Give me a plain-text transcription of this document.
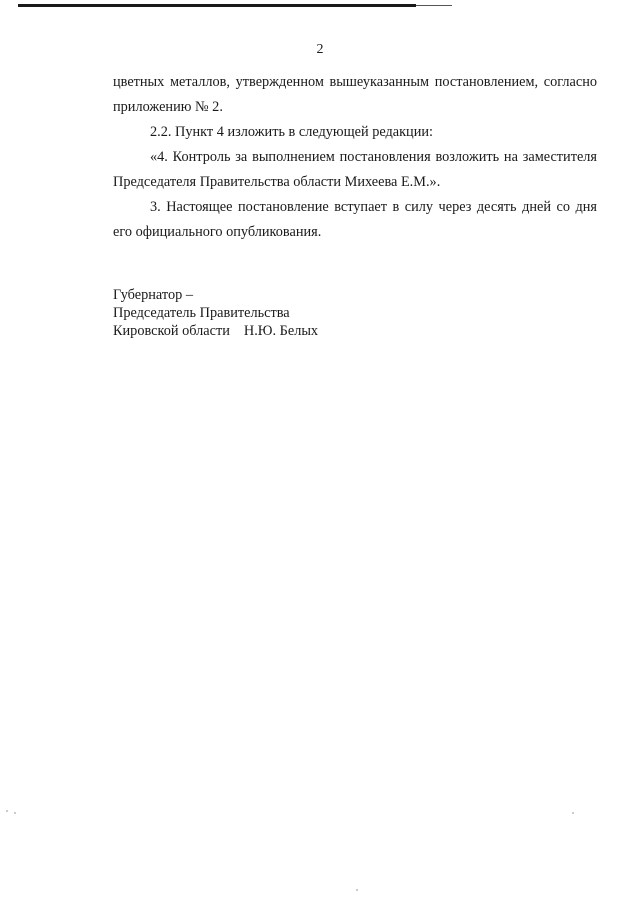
2

цветных металлов, утвержденном вышеуказанным постановлением, согласно приложению № 2.

2.2. Пункт 4 изложить в следующей редакции:

«4. Контроль за выполнением постановления возложить на заместителя Председателя Правительства области Михеева Е.М.».

3. Настоящее постановление вступает в силу через десять дней со дня его официального опубликования.

Губернатор –
Председатель Правительства
Кировской области Н.Ю. Белых
